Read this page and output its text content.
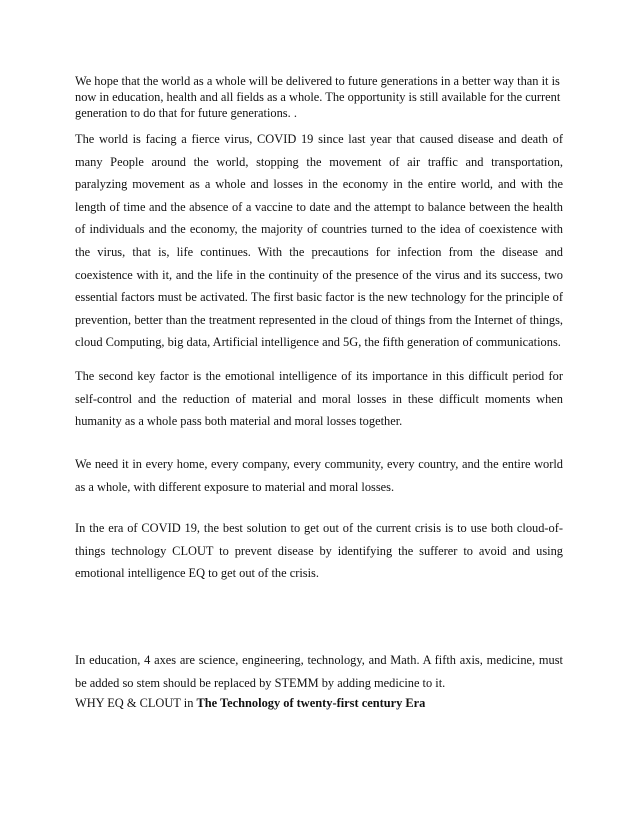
We hope that the world as a whole will be delivered to future generations in a better way than it is now in education, health and all fields as a whole. The opportunity is still available for the current generation to do that for future generations. .

The world is facing a fierce virus, COVID 19 since last year that caused disease and death of many People around the world, stopping the movement of air traffic and transportation, paralyzing movement as a whole and losses in the economy in the entire world, and with the length of time and the absence of a vaccine to date and the attempt to balance between the health of individuals and the economy, the majority of countries turned to the idea of coexistence with the virus, that is, life continues. With the precautions for infection from the disease and coexistence with it, and the life in the continuity of the presence of the virus and its success, two essential factors must be activated. The first basic factor is the new technology for the principle of prevention, better than the treatment represented in the cloud of things from the Internet of things, cloud Computing, big data, Artificial intelligence and 5G, the fifth generation of communications.

The second key factor is the emotional intelligence of its importance in this difficult period for self-control and the reduction of material and moral losses in these difficult moments when humanity as a whole pass both material and moral losses together.

We need it in every home, every company, every community, every country, and the entire world as a whole, with different exposure to material and moral losses.

In the era of COVID 19, the best solution to get out of the current crisis is to use both cloud-of-things technology CLOUT to prevent disease by identifying the sufferer to avoid and using emotional intelligence EQ to get out of the crisis.

In education, 4 axes are science, engineering, technology, and Math. A fifth axis, medicine, must be added so stem should be replaced by STEMM by adding medicine to it.

WHY EQ & CLOUT in The Technology of twenty-first century Era
